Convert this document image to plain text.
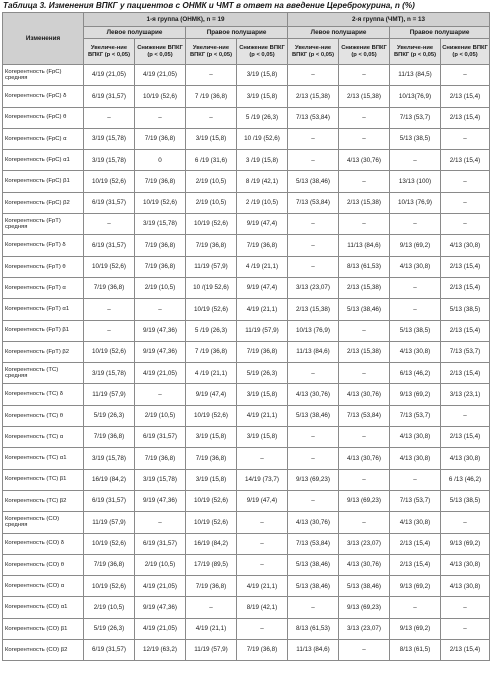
Таблица 3. Изменения ВПКГ у пациентов с ОНМК и ЧМТ в ответ на введение Цереброкурина, n (%)
Изменения	1-я группа (ОНМК), n = 19				2-я группа (ЧМТ), n = 13			
	Левое полушарие		Правое полушарие		Левое полушарие		Правое полушарие	
	Увеличе-ние ВПКГ (p < 0,05)	Снижение ВПКГ (p < 0,05)	Увеличе-ние ВПКГ (p < 0,05)	Снижение ВПКГ (p < 0,05)	Увеличе-ние ВПКГ (p < 0,05)	Снижение ВПКГ (p < 0,05)	Увеличе-ние ВПКГ (p < 0,05)	Снижение ВПКГ (p < 0,05)
Когерентность (FpC) средняя	4/19 (21,05)	4/19 (21,05)	–	3/19 (15,8)	–	–	11/13 (84,5)	–
Когерентность (FpC) δ	6/19 (31,57)	10/19 (52,6)	7 /19 (36,8)	3/19 (15,8)	2/13 (15,38)	2/13 (15,38)	10/13(76,9)	2/13 (15,4)
Когерентность (FpC) θ	–	–	–	5 /19 (26,3)	7/13 (53,84)	–	7/13 (53,7)	2/13 (15,4)
Когерентность (FpC) α	3/19 (15,78)	7/19 (36,8)	3/19 (15,8)	10 /19 (52,6)	–	–	5/13 (38,5)	–
Когерентность (FpC) α1	3/19 (15,78)	0	6 /19 (31,6)	3 /19 (15,8)	–	4/13 (30,76)	–	2/13 (15,4)
Когерентность (FpC) β1	10/19 (52,6)	7/19 (36,8)	2/19 (10,5)	8 /19 (42,1)	5/13 (38,46)	–	13/13 (100)	–
Когерентность (FpC) β2	6/19 (31,57)	10/19 (52,6)	2/19 (10,5)	2 /19 (10,5)	7/13 (53,84)	2/13 (15,38)	10/13 (76,9)	–
Когерентность (FpT) средняя	–	3/19 (15,78)	10/19 (52,6)	9/19 (47,4)	–	–	–	–
Когерентность (FpT) δ	6/19 (31,57)	7/19 (36,8)	7/19 (36,8)	7/19 (36,8)	–	11/13 (84,6)	9/13 (69,2)	4/13 (30,8)
Когерентность (FpT) θ	10/19 (52,6)	7/19 (36,8)	11/19 (57,9)	4 /19 (21,1)	–	8/13 (61,53)	4/13 (30,8)	2/13 (15,4)
Когерентность (FpT) α	7/19 (36,8)	2/19 (10,5)	10 /(19 52,6)	9/19 (47,4)	3/13 (23,07)	2/13 (15,38)	–	2/13 (15,4)
Когерентность (FpT) α1	–	–	10/19 (52,6)	4/19 (21,1)	2/13 (15,38)	5/13 (38,46)	–	5/13 (38,5)
Когерентность (FpT) β1	–	9/19 (47,36)	5 /19 (26,3)	11/19 (57,9)	10/13 (76,9)	–	5/13 (38,5)	2/13 (15,4)
Когерентность (FpT) β2	10/19 (52,6)	9/19 (47,36)	7 /19 (36,8)	7/19 (36,8)	11/13 (84,6)	2/13 (15,38)	4/13 (30,8)	7/13 (53,7)
Когерентность (TC) средняя	3/19 (15,78)	4/19 (21,05)	4 /19 (21,1)	5/19 (26,3)	–	–	6/13 (46,2)	2/13 (15,4)
Когерентность (TC) δ	11/19 (57,9)	–	9/19 (47,4)	3/19 (15,8)	4/13 (30,76)	4/13 (30,76)	9/13 (69,2)	3/13 (23,1)
Когерентность (TC) θ	5/19 (26,3)	2/19 (10,5)	10/19 (52,6)	4/19 (21,1)	5/13 (38,46)	7/13 (53,84)	7/13 (53,7)	–
Когерентность (TC) α	7/19 (36,8)	6/19 (31,57)	3/19 (15,8)	3/19 (15,8)	–	–	4/13 (30,8)	2/13 (15,4)
Когерентность (TC) α1	3/19 (15,78)	7/19 (36,8)	7/19 (36,8)	–	–	4/13 (30,76)	4/13 (30,8)	4/13 (30,8)
Когерентность (TC) β1	16/19 (84,2)	3/19 (15,78)	3/19 (15,8)	14/19 (73,7)	9/13 (69,23)	–	–	6 /13 (46,2)
Когерентность (TC) β2	6/19 (31,57)	9/19 (47,36)	10/19 (52,6)	9/19 (47,4)	–	9/13 (69,23)	7/13 (53,7)	5/13 (38,5)
Когерентность (CO) средняя	11/19 (57,9)	–	10/19 (52,6)	–	4/13 (30,76)	–	4/13 (30,8)	–
Когерентность (CO) δ	10/19 (52,6)	6/19 (31,57)	16/19 (84,2)	–	7/13 (53,84)	3/13 (23,07)	2/13 (15,4)	9/13 (69,2)
Когерентность (CO) θ	7/19 (36,8)	2/19 (10,5)	17/19 (89,5)	–	5/13 (38,46)	4/13 (30,76)	2/13 (15,4)	4/13 (30,8)
Когерентность (CO) α	10/19 (52,6)	4/19 (21,05)	7/19 (36,8)	4/19 (21,1)	5/13 (38,46)	5/13 (38,46)	9/13 (69,2)	4/13 (30,8)
Когерентность (CO) α1	2/19 (10,5)	9/19 (47,36)	–	8/19 (42,1)	–	9/13 (69,23)	–	–
Когерентность (CO) β1	5/19 (26,3)	4/19 (21,05)	4/19 (21,1)	–	8/13 (61,53)	3/13 (23,07)	9/13 (69,2)	–
Когерентность (CO) β2	6/19 (31,57)	12/19 (63,2)	11/19 (57,9)	7/19 (36,8)	11/13 (84,6)	–	8/13 (61,5)	2/13 (15,4)
